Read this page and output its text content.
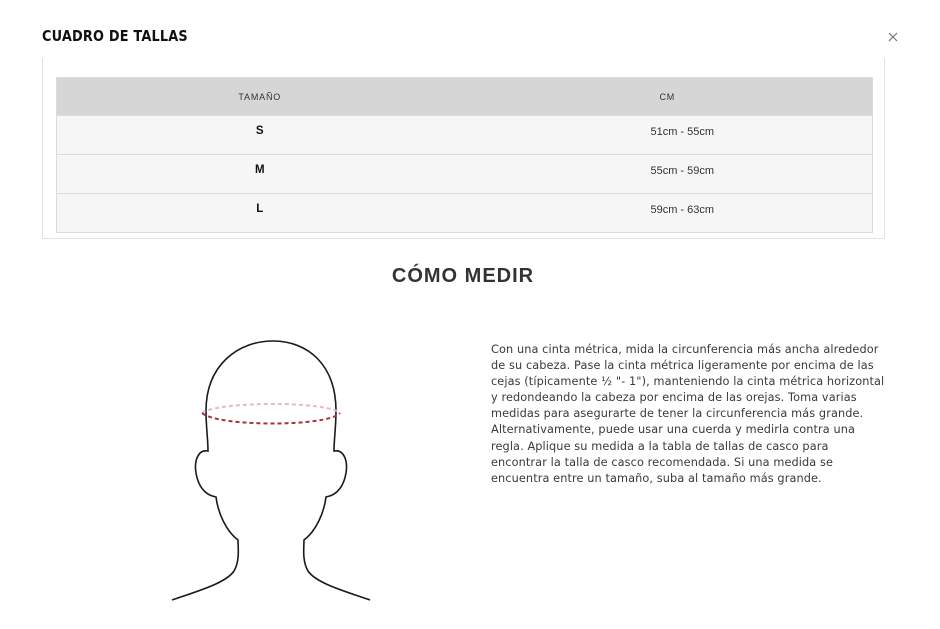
CUADRO DE TALLAS
TAMAÑO	CM
S	51cm - 55cm
M	55cm - 59cm
L	59cm - 63cm
CÓMO MEDIR

Con una cinta métrica, mida la circunferencia más ancha alrededor de su cabeza. Pase la cinta métrica ligeramente por encima de las cejas (típicamente ½ "- 1"), manteniendo la cinta métrica horizontal y redondeando la cabeza por encima de las orejas. Toma varias medidas para asegurarte de tener la circunferencia más grande. Alternativamente, puede usar una cuerda y medirla contra una regla. Aplique su medida a la tabla de tallas de casco para encontrar la talla de casco recomendada. Si una medida se encuentra entre un tamaño, suba al tamaño más grande.
